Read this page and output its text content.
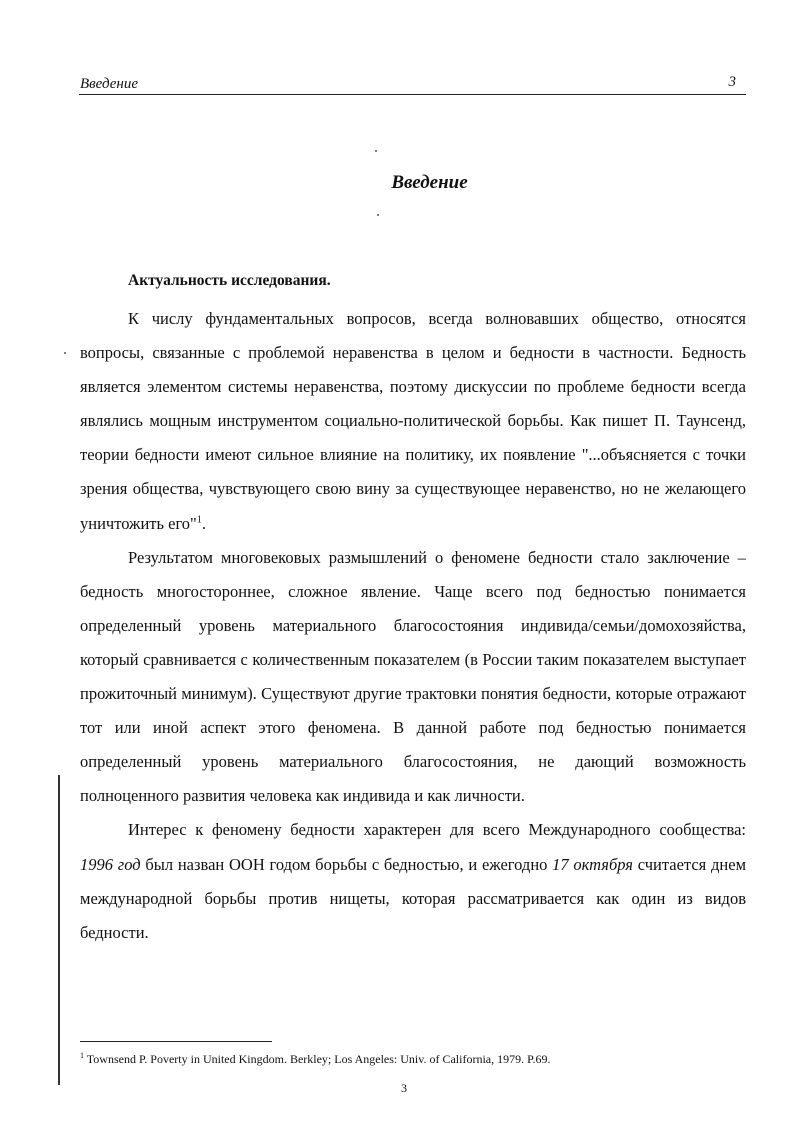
Введение	3
Введение
Актуальность исследования.

К числу фундаментальных вопросов, всегда волновавших общество, относятся вопросы, связанные с проблемой неравенства в целом и бедности в частности. Бедность является элементом системы неравенства, поэтому дискуссии по проблеме бедности всегда являлись мощным инструментом социально-политической борьбы. Как пишет П. Таунсенд, теории бедности имеют сильное влияние на политику, их появление "...объясняется с точки зрения общества, чувствующего свою вину за существующее неравенство, но не желающего уничтожить его"$^1$.

Результатом многовековых размышлений о феномене бедности стало заключение – бедность многостороннее, сложное явление. Чаще всего под бедностью понимается определенный уровень материального благосостояния индивида/семьи/домохозяйства, который сравнивается с количественным показателем (в России таким показателем выступает прожиточный минимум). Существуют другие трактовки понятия бедности, которые отражают тот или иной аспект этого феномена. В данной работе под бедностью понимается определенный уровень материального благосостояния, не дающий возможность полноценного развития человека как индивида и как личности.

Интерес к феномену бедности характерен для всего Международного сообщества: 1996 год был назван ООН годом борьбы с бедностью, и ежегодно 17 октября считается днем международной борьбы против нищеты, которая рассматривается как один из видов бедности.

$^1$ Townsend P. Poverty in United Kingdom. Berkley; Los Angeles: Univ. of California, 1979. P.69.
3
